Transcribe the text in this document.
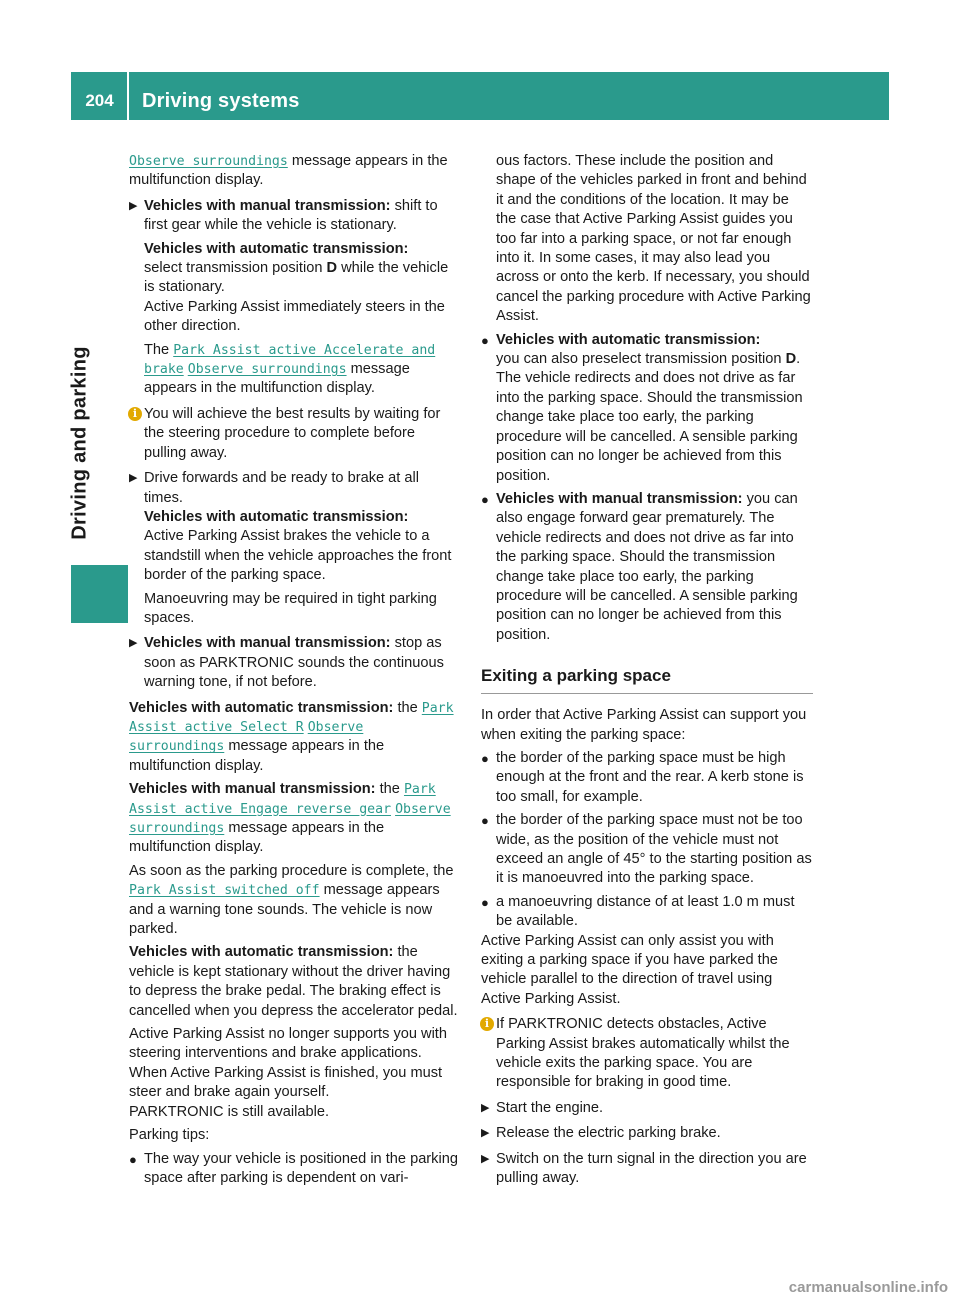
204	Driving systems
Driving and parking

Observe surroundings message appears in the multifunction display.

▶ Vehicles with manual transmission: shift to first gear while the vehicle is stationary.

Vehicles with automatic transmission:

select transmission position D while the vehicle is stationary.

Active Parking Assist immediately steers in the other direction.

The Park Assist active Accelerate and brake Observe surroundings message appears in the multifunction display.

i You will achieve the best results by waiting for the steering procedure to complete before pulling away.

▶ Drive forwards and be ready to brake at all times.

Vehicles with automatic transmission:

Active Parking Assist brakes the vehicle to a standstill when the vehicle approaches the front border of the parking space.

Manoeuvring may be required in tight parking spaces.

▶ Vehicles with manual transmission: stop as soon as PARKTRONIC sounds the continuous warning tone, if not before.

Vehicles with automatic transmission: the Park Assist active Select R Observe surroundings message appears in the multifunction display.

Vehicles with manual transmission: the Park Assist active Engage reverse gear Observe surroundings message appears in the multifunction display.

As soon as the parking procedure is complete, the Park Assist switched off message appears and a warning tone sounds. The vehicle is now parked.

Vehicles with automatic transmission: the vehicle is kept stationary without the driver having to depress the brake pedal. The braking effect is cancelled when you depress the accelerator pedal.

Active Parking Assist no longer supports you with steering interventions and brake applications. When Active Parking Assist is finished, you must steer and brake again yourself.

PARKTRONIC is still available.

Parking tips:

● The way your vehicle is positioned in the parking space after parking is dependent on vari-

ous factors. These include the position and shape of the vehicles parked in front and behind it and the conditions of the location. It may be the case that Active Parking Assist guides you too far into a parking space, or not far enough into it. In some cases, it may also lead you across or onto the kerb. If necessary, you should cancel the parking procedure with Active Parking Assist.

● Vehicles with automatic transmission:

you can also preselect transmission position D. The vehicle redirects and does not drive as far into the parking space. Should the transmission change take place too early, the parking procedure will be cancelled. A sensible parking position can no longer be achieved from this position.

● Vehicles with manual transmission: you can also engage forward gear prematurely. The vehicle redirects and does not drive as far into the parking space. Should the transmission change take place too early, the parking procedure will be cancelled. A sensible parking position can no longer be achieved from this position.

Exiting a parking space

In order that Active Parking Assist can support you when exiting the parking space:

● the border of the parking space must be high enough at the front and the rear. A kerb stone is too small, for example.

● the border of the parking space must not be too wide, as the position of the vehicle must not exceed an angle of 45° to the starting position as it is manoeuvred into the parking space.

● a manoeuvring distance of at least 1.0 m must be available.

Active Parking Assist can only assist you with exiting a parking space if you have parked the vehicle parallel to the direction of travel using Active Parking Assist.

i If PARKTRONIC detects obstacles, Active Parking Assist brakes automatically whilst the vehicle exits the parking space. You are responsible for braking in good time.

▶ Start the engine.

▶ Release the electric parking brake.

▶ Switch on the turn signal in the direction you are pulling away.

carmanualsonline.info
